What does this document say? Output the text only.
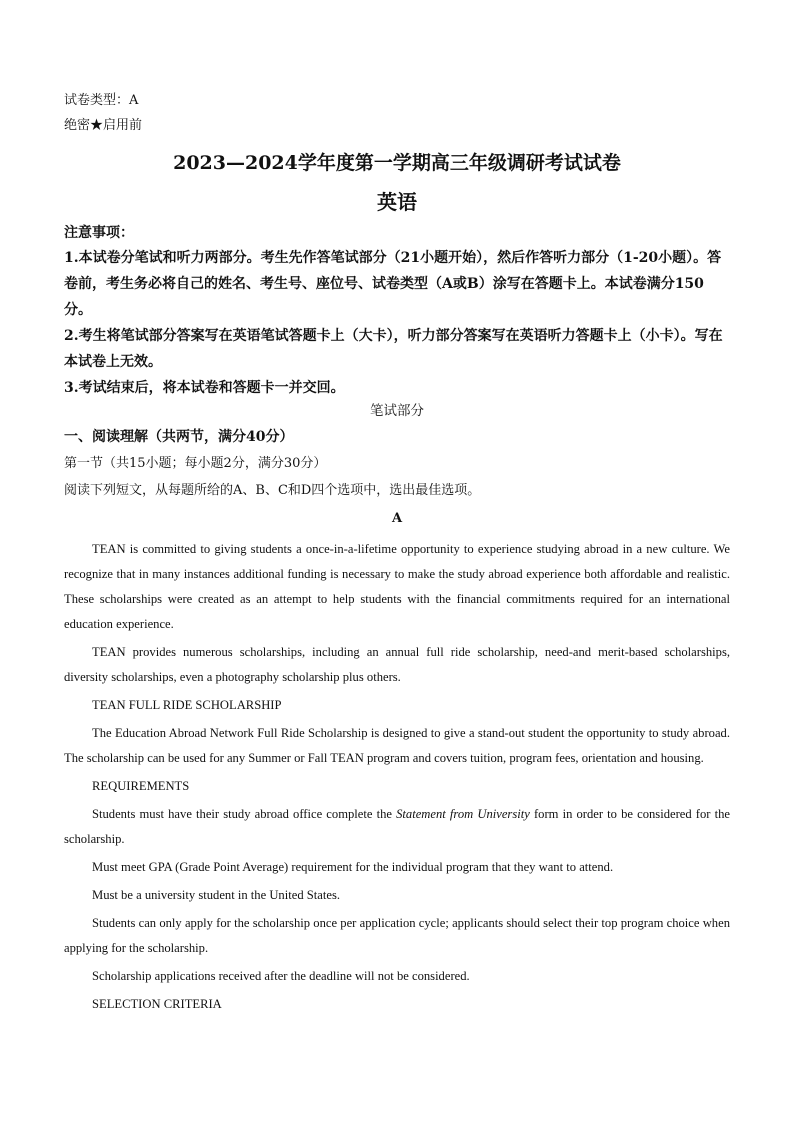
试卷类型：A
绝密★启用前
2023—2024学年度第一学期高三年级调研考试试卷
英语
注意事项：

1.本试卷分笔试和听力两部分。考生先作答笔试部分（21小题开始），然后作答听力部分（1-20小题）。答卷前，考生务必将自己的姓名、考生号、座位号、试卷类型（A或B）涂写在答题卡上。本试卷满分150分。

2.考生将笔试部分答案写在英语笔试答题卡上（大卡），听力部分答案写在英语听力答题卡上（小卡）。写在本试卷上无效。

3.考试结束后，将本试卷和答题卡一并交回。

笔试部分
一、阅读理解（共两节，满分40分）
第一节（共15小题；每小题2分，满分30分）
阅读下列短文，从每题所给的A、B、C和D四个选项中，选出最佳选项。
A

TEAN is committed to giving students a once-in-a-lifetime opportunity to experience studying abroad in a new culture. We recognize that in many instances additional funding is necessary to make the study abroad experience both affordable and realistic. These scholarships were created as an attempt to help students with the financial commitments required for an international education experience.

TEAN provides numerous scholarships, including an annual full ride scholarship, need-and merit-based scholarships, diversity scholarships, even a photography scholarship plus others.

TEAN FULL RIDE SCHOLARSHIP

The Education Abroad Network Full Ride Scholarship is designed to give a stand-out student the opportunity to study abroad. The scholarship can be used for any Summer or Fall TEAN program and covers tuition, program fees, orientation and housing.

REQUIREMENTS

Students must have their study abroad office complete the Statement from University form in order to be considered for the scholarship.

Must meet GPA (Grade Point Average) requirement for the individual program that they want to attend.

Must be a university student in the United States.

Students can only apply for the scholarship once per application cycle; applicants should select their top program choice when applying for the scholarship.

Scholarship applications received after the deadline will not be considered.

SELECTION CRITERIA
